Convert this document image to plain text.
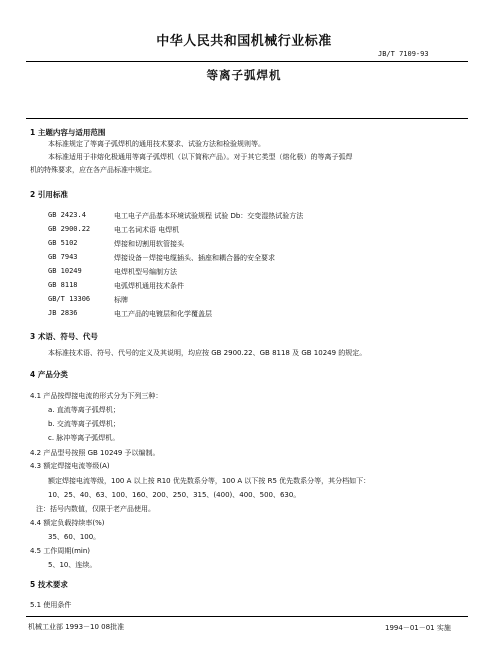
中华人民共和国机械行业标准
JB/T 7109-93
等离子弧焊机
1 主题内容与适用范围
本标准规定了等离子弧焊机的通用技术要求、试验方法和检验规则等。
本标准适用于非熔化极通用等离子弧焊机（以下简称产品）。对于其它类型（熔化极）的等离子弧焊
机的特殊要求，应在各产品标准中规定。
2 引用标准
GB 2423.4	电工电子产品基本环境试验规程 试验 Db：交变湿热试验方法
GB 2900.22	电工名词术语 电焊机
GB 5102	焊接和切割用软管接头
GB 7943	焊接设备－焊接电缆插头、插座和耦合器的安全要求
GB 10249	电焊机型号编制方法
GB 8118	电弧焊机通用技术条件
GB/T 13306	标牌
JB 2836	电工产品的电镀层和化学覆盖层
3 术语、符号、代号
本标准技术语、符号、代号的定义及其说明，均应按 GB 2900.22、GB 8118 及 GB 10249 的规定。
4 产品分类
4.1 产品按焊接电流的形式分为下列三种：
a. 直流等离子弧焊机；
b. 交流等离子弧焊机；
c. 脉冲等离子弧焊机。
4.2 产品型号按照 GB 10249 予以编制。
4.3 额定焊接电流等级(A)
额定焊接电流等级，100 A 以上按 R10 优先数系分等，100 A 以下按 R5 优先数系分等，其分档如下：
10、25、40、63、100、160、200、250、315、(400)、400、500、630。
注：括号内数值，仅限于老产品使用。
4.4 额定负载持续率(%)
35、60、100。
4.5 工作周期(min)
5、10、连续。
5 技术要求
5.1 使用条件
机械工业部 1993－10 08批准	1994－01－01 实施
